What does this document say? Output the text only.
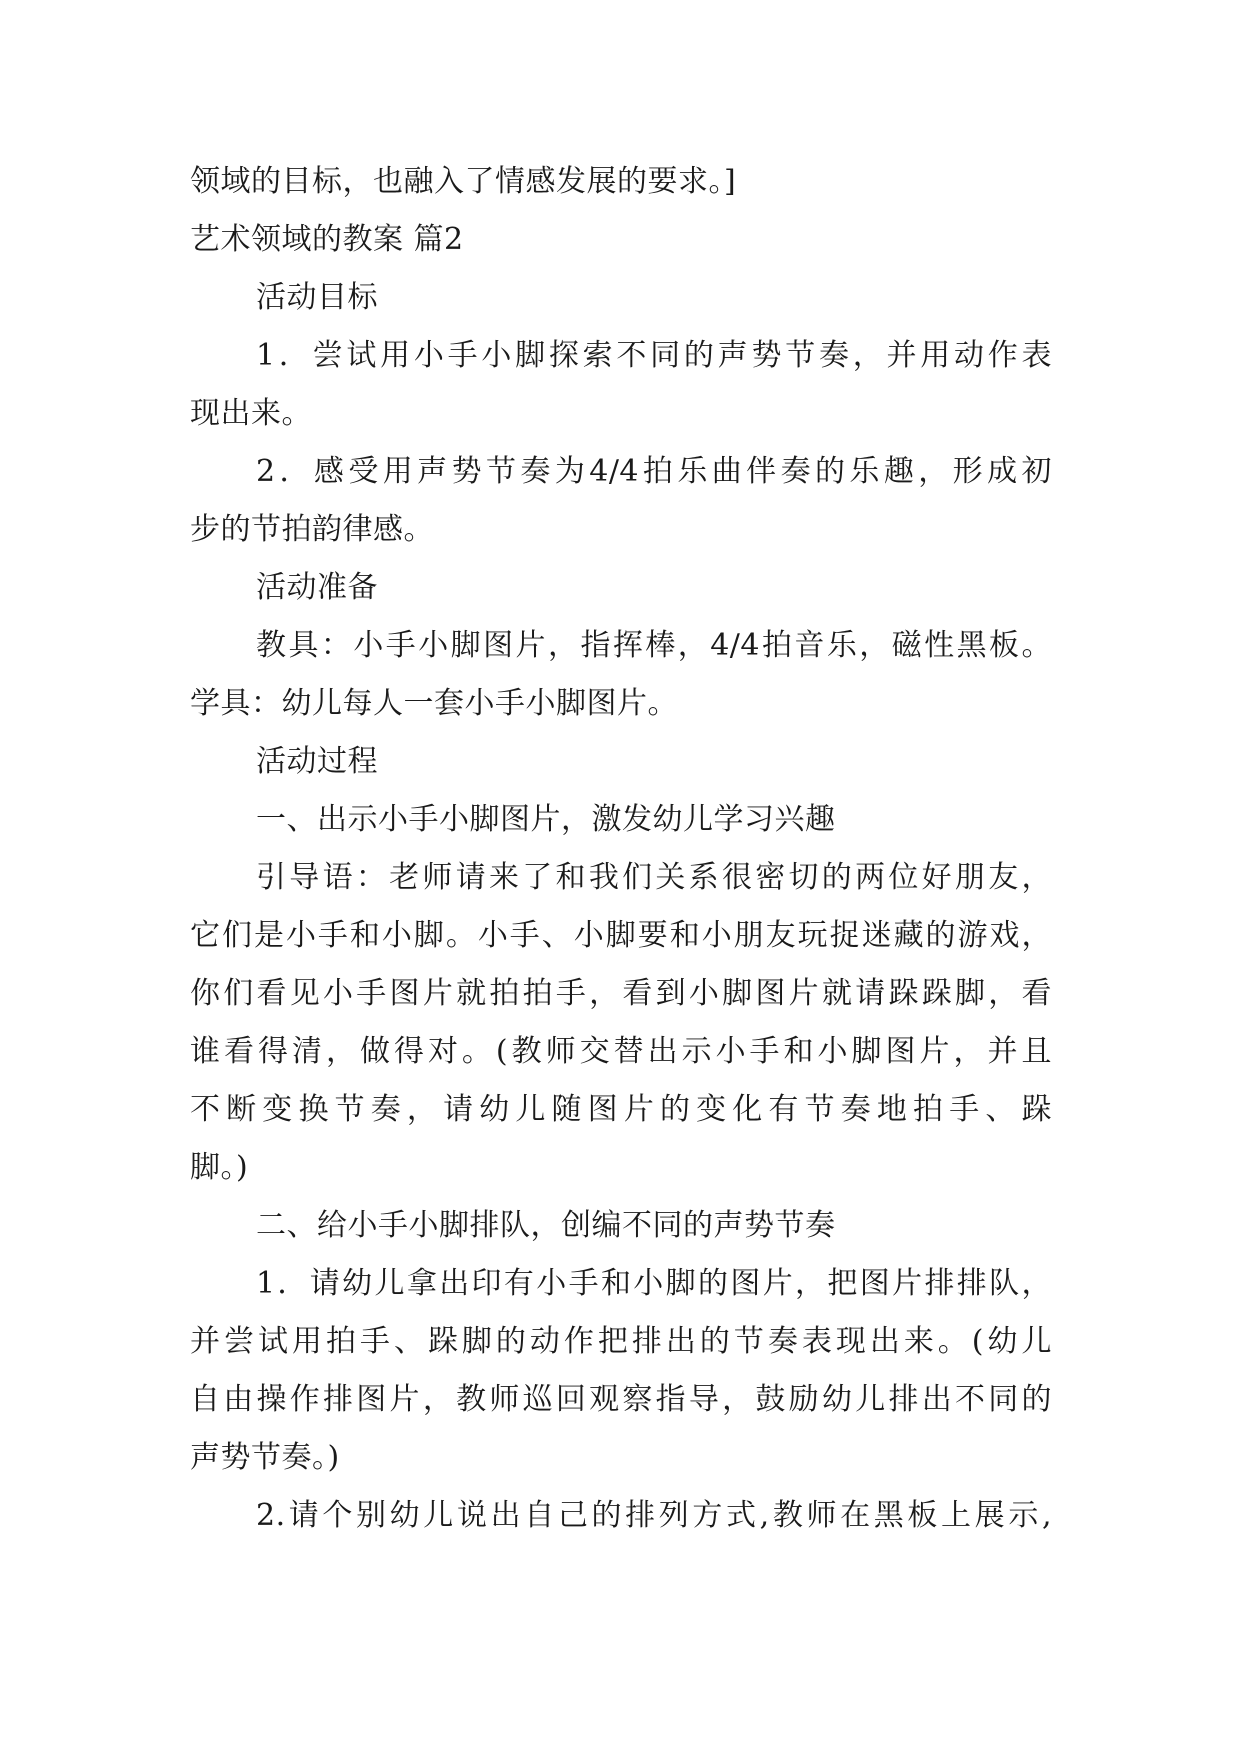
领域的目标，也融入了情感发展的要求。]
艺术领域的教案 篇2
活动目标
1．尝试用小手小脚探索不同的声势节奏，并用动作表
现出来。
2．感受用声势节奏为4/4拍乐曲伴奏的乐趣，形成初
步的节拍韵律感。
活动准备
教具：小手小脚图片，指挥棒，4/4拍音乐，磁性黑板。
学具：幼儿每人一套小手小脚图片。
活动过程
一、出示小手小脚图片，激发幼儿学习兴趣
引导语：老师请来了和我们关系很密切的两位好朋友，
它们是小手和小脚。小手、小脚要和小朋友玩捉迷藏的游戏，
你们看见小手图片就拍拍手，看到小脚图片就请跺跺脚，看
谁看得清，做得对。(教师交替出示小手和小脚图片，并且
不断变换节奏，请幼儿随图片的变化有节奏地拍手、跺
脚。)
二、给小手小脚排队，创编不同的声势节奏
1．请幼儿拿出印有小手和小脚的图片，把图片排排队，
并尝试用拍手、跺脚的动作把排出的节奏表现出来。(幼儿
自由操作排图片，教师巡回观察指导，鼓励幼儿排出不同的
声势节奏。)
2.请个别幼儿说出自己的排列方式,教师在黑板上展示,
